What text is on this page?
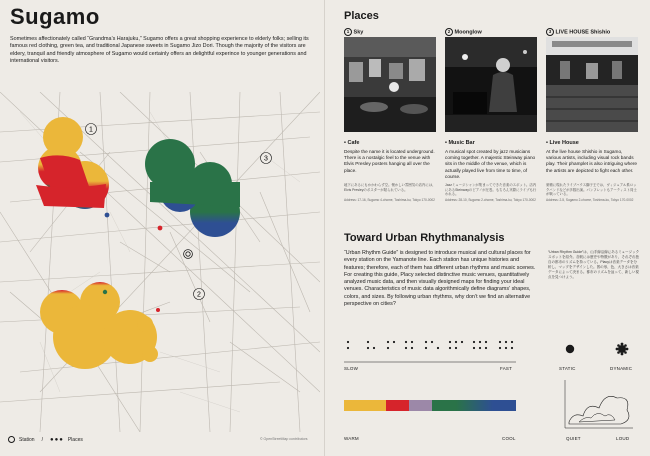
Sugamo
Sometimes affectionately called “Grandma’s Harajuku,” Sugamo offers a great shopping experience to elderly folks; selling its famous red clothing, green tea, and traditional Japanese sweets in Sugamo Jizo Dori. Though the majority of the visitors are eldery, tranquil and friendly atmosphere of Sugamo would certainly offers an delightful experince to younger generations and international visitors.
1
3
2
Station / ●●● Places	© OpenStreetMap contributors
Places
1 Sky
• Cafe
Despite the name it is located underground. There is a nostalgic feel to the venue with Elvis Presley posters hanging all over the place.
地下にあるにもかかわらず空。懐かしい雰囲気の店内には、Elvis Presleyのポスターが貼られている。
Address: 17-16, Sugamo 4-chome, Toshima-ku, Tokyo 170-0002
2 Moonglow
• Music Bar
A musical spot created by jazz musicians coming together. A majestic Steinway piano sits in the middle of the venue, which is actually played live from time to time, of course.
Jazzミュージシャンが集まってできた音楽のスポット。店内にあるSteinwayのピアノが圧巻。もちろん実際にライブも行われる。
Address: 28-10, Sugamo 2-chome, Toshima-ku, Tokyo 170-0002
3 LIVE HOUSE Shishio
• Live House
At the live house Shishio in Sugamo, various artists, including visual rock bands play. Their phamplet is also intriguing where the artists are depicted to fight each other.
巣鴨に現れたライブハウス獅子王では、ヴィジュアル系ロックバンドなどが多数出演。パンフレットもアーティスト同士が戦っている。
Address: 2-5, Sugamo 2-chome, Toshima-ku, Tokyo 170-0002
Toward Urban Rhythmanalysis
“Urban Rhythm Guide” is designed to introduce musical and cultural places for every station on the Yamanote line. Each station has unique histories and features; therefore, each of them has different urban rhythms and music scenes. For creating this guide, Placy selected distinctive music venues, quantitatively analyzed music data, and then visually designed maps for finding your ideal venues. Characteristics of music data algorithmically define diagrams’ shapes, colors, and sizes. By following urban rhythms, why don’t we find an alternative perspective on cities?
“Urban Rhythm Guide”は、山手線沿線にあるミュージックスポットを紹介。各駅には歴史や特徴があり、それぞれ独自の都市のリズムを持っている。Placyは音楽データを分析し、マップをデザインした。図の形、色、大きさは音楽データによって決まる。都市のリズムを辿って、新しい視点を見つけよう。
SLOW	FAST	STATIC	DYNAMIC
WARM	COOL	QUIET	LOUD
